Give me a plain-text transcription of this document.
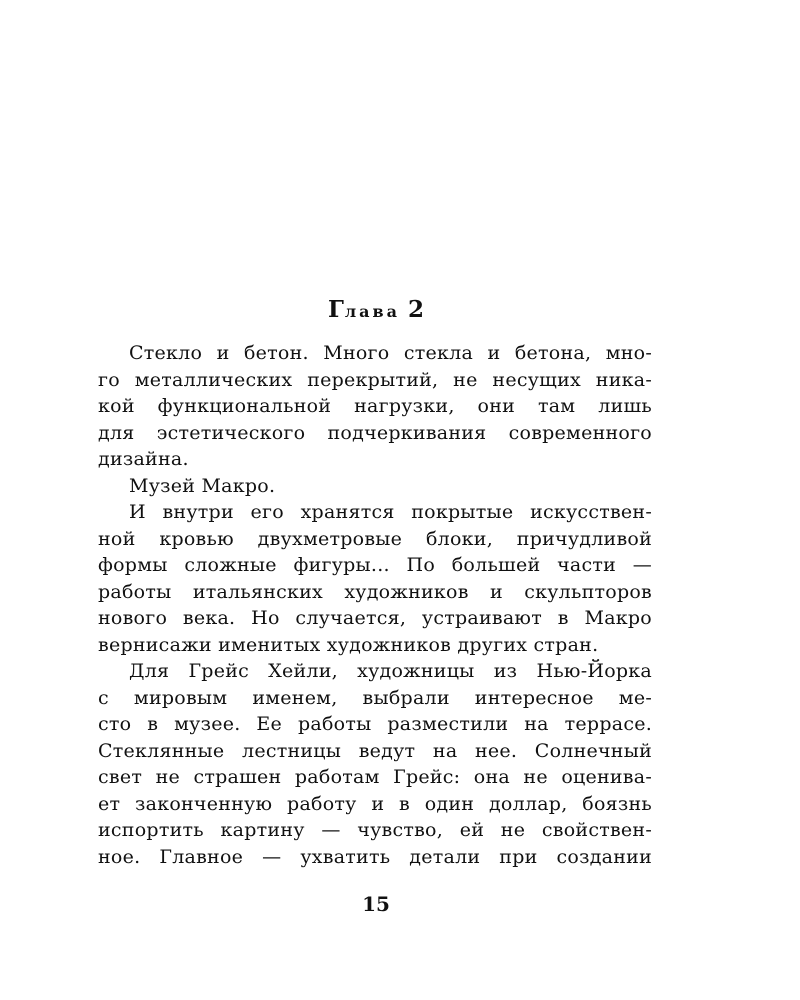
Глава 2
Стекло и бетон. Много стекла и бетона, мно-
го металлических перекрытий, не несущих ника-
кой функциональной нагрузки, они там лишь
для эстетического подчеркивания современного
дизайна.
Музей Макро.
И внутри его хранятся покрытые искусствен-
ной кровью двухметровые блоки, причудливой
формы сложные фигуры... По большей части —
работы итальянских художников и скульпторов
нового века. Но случается, устраивают в Макро
вернисажи именитых художников других стран.
Для Грейс Хейли, художницы из Нью-Йорка
с мировым именем, выбрали интересное ме-
сто в музее. Ее работы разместили на террасе.
Стеклянные лестницы ведут на нее. Солнечный
свет не страшен работам Грейс: она не оценива-
ет законченную работу и в один доллар, боязнь
испортить картину — чувство, ей не свойствен-
ное. Главное — ухватить детали при создании
15
